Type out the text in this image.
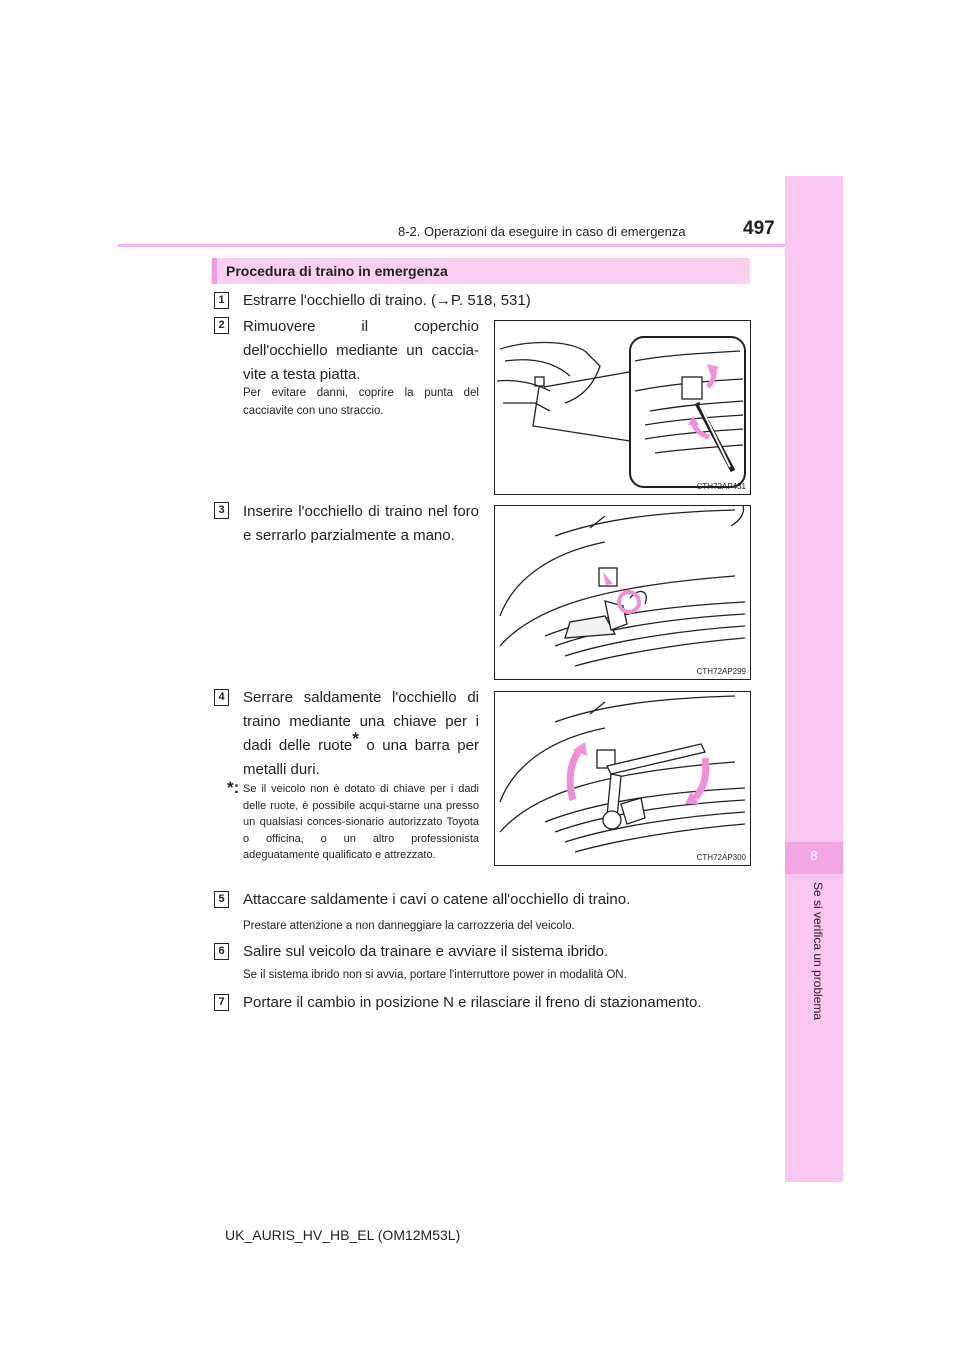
8
Se si verifica un problema
8-2. Operazioni da eseguire in caso di emergenza	497
Procedura di traino in emergenza
1 Estrarre l'occhiello di traino. (→P. 518, 531)
2 Rimuovere il coperchio dell'occhiello mediante un caccia-vite a testa piatta.
Per evitare danni, coprire la punta del cacciavite con uno straccio.
CTH72AP431
3 Inserire l'occhiello di traino nel foro e serrarlo parzialmente a mano.
CTH72AP299
4 Serrare saldamente l'occhiello di traino mediante una chiave per i dadi delle ruote* o una barra per metalli duri.
*: Se il veicolo non è dotato di chiave per i dadi delle ruote, è possibile acqui-starne una presso un qualsiasi conces-sionario autorizzato Toyota o officina, o un altro professionista adeguatamente qualificato e attrezzato.	CTH72AP300
5 Attaccare saldamente i cavi o catene all'occhiello di traino.
Prestare attenzione a non danneggiare la carrozzeria del veicolo.
6 Salire sul veicolo da trainare e avviare il sistema ibrido.
Se il sistema ibrido non si avvia, portare l'interruttore power in modalità ON.
7 Portare il cambio in posizione N e rilasciare il freno di stazionamento.
UK_AURIS_HV_HB_EL (OM12M53L)
